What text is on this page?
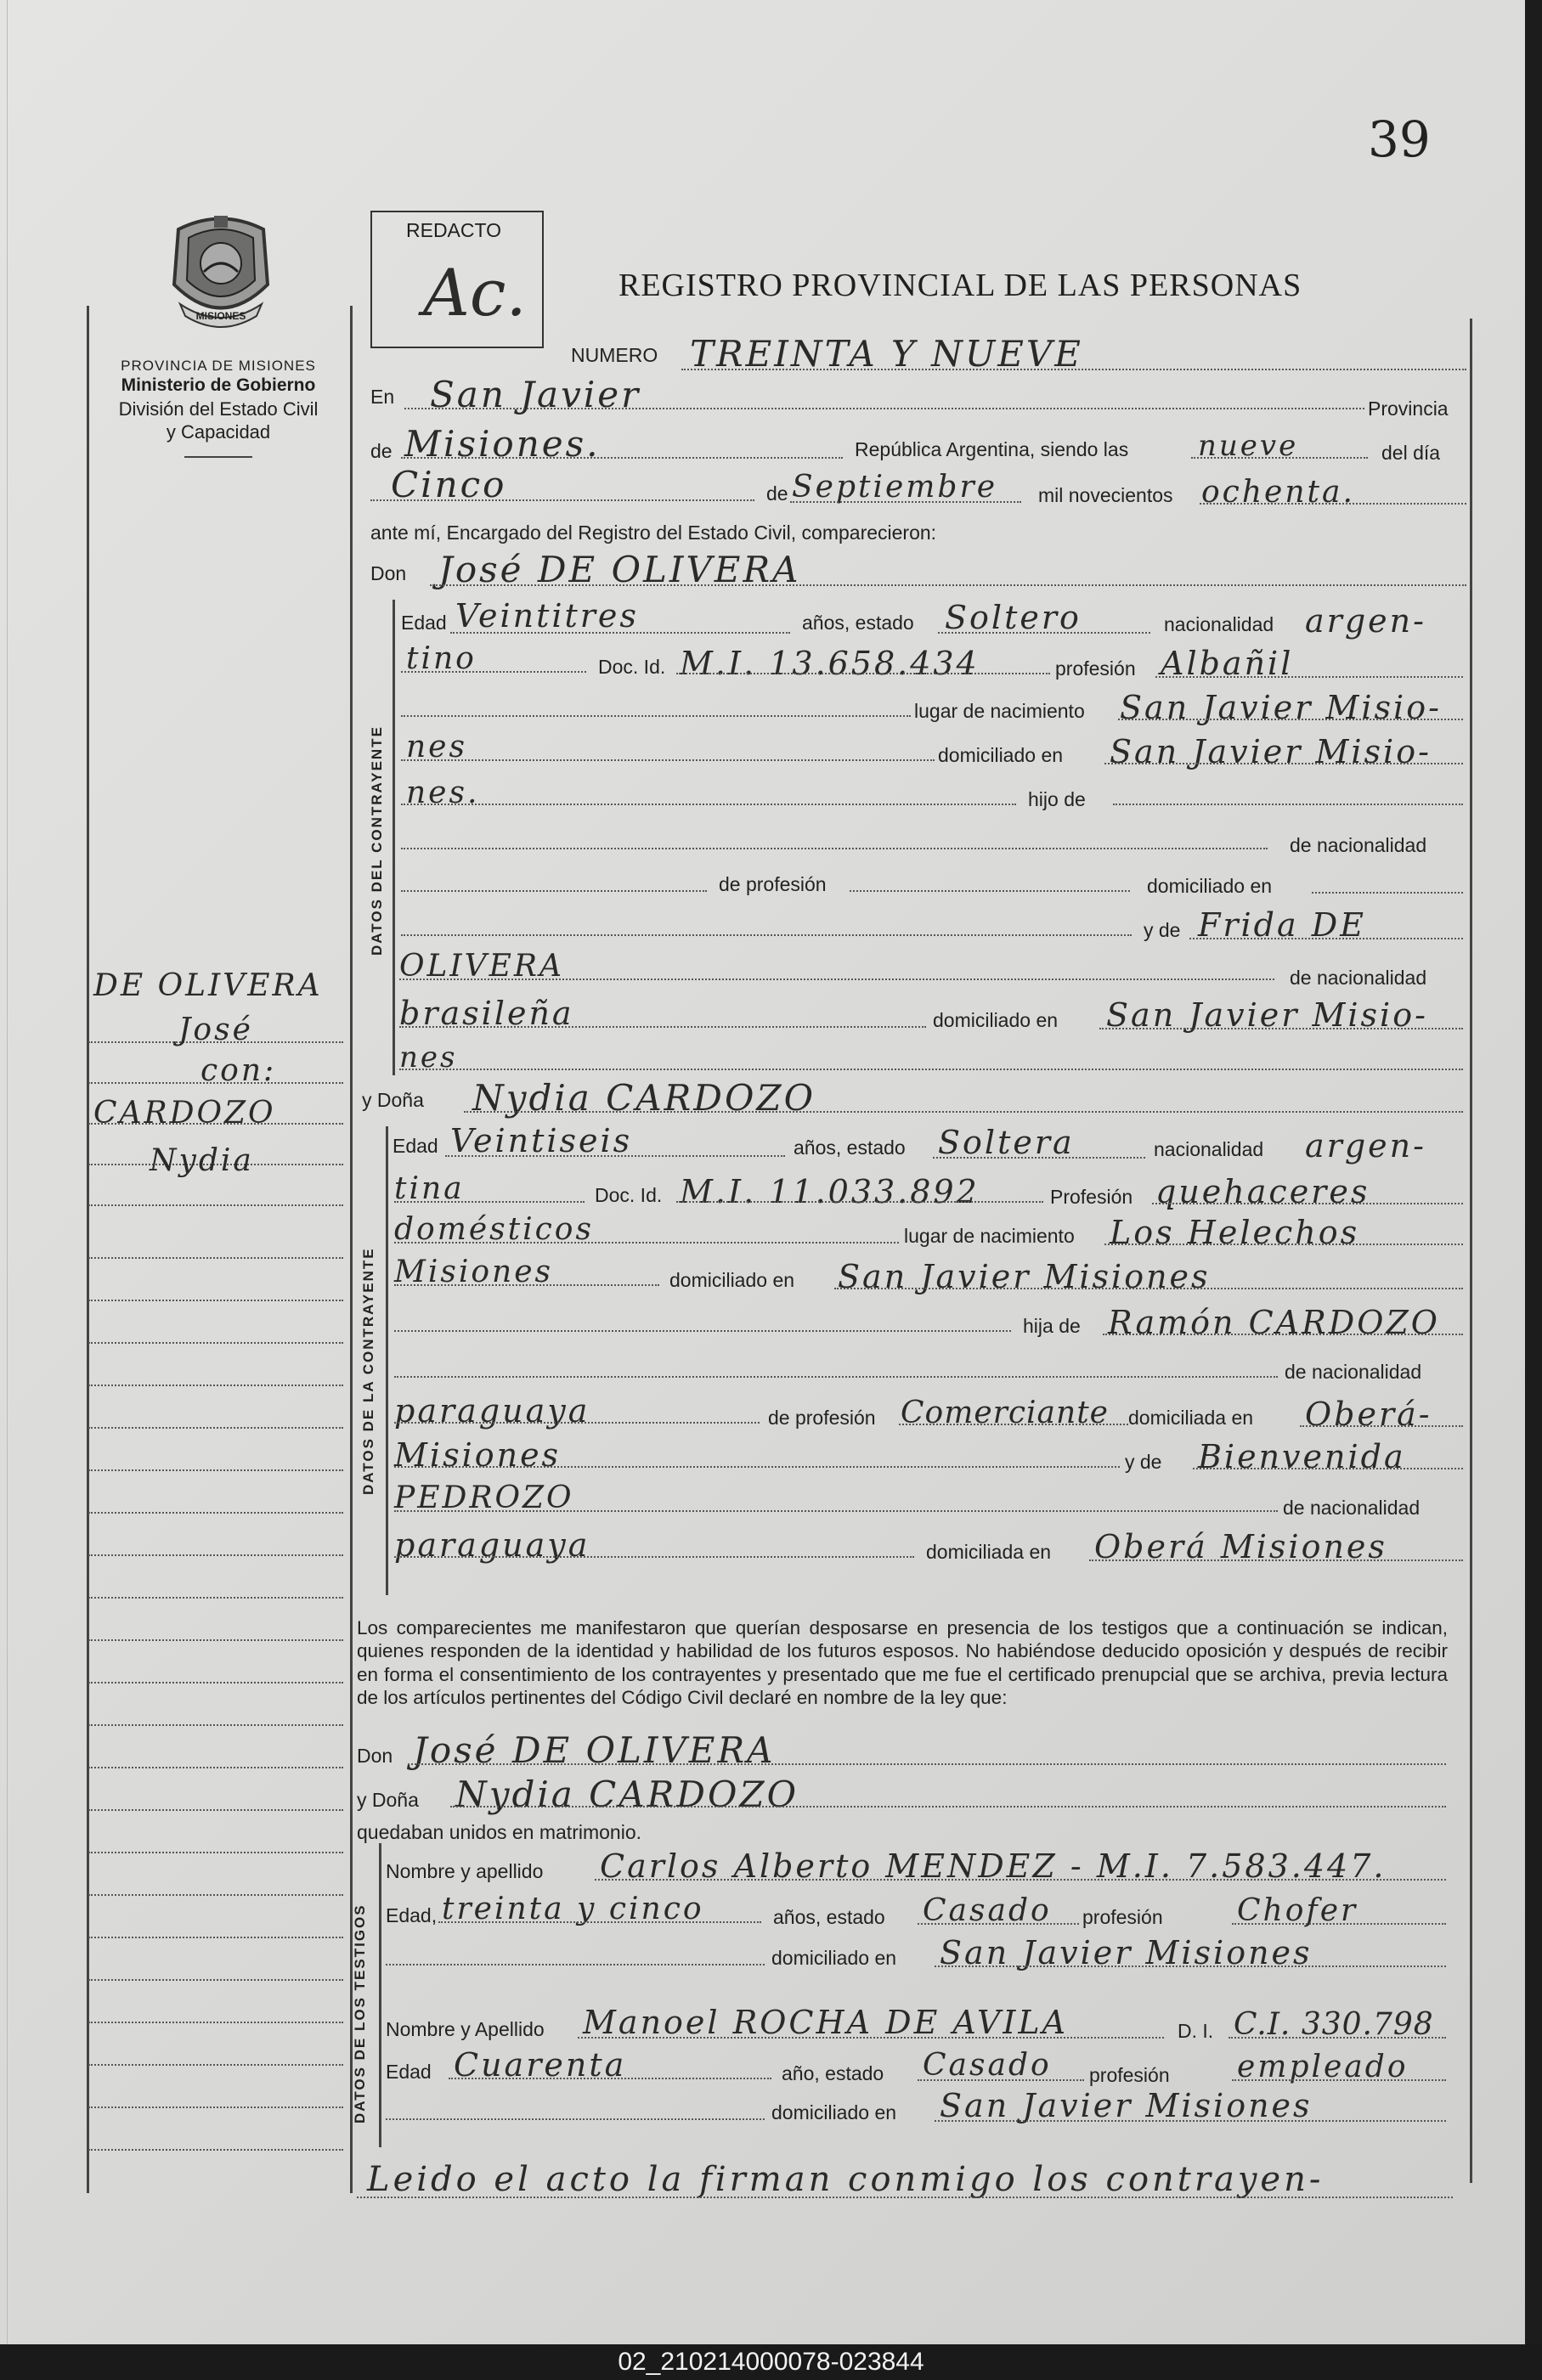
39
MISIONES
PROVINCIA DE MISIONES
Ministerio de Gobierno
División del Estado Civil
y Capacidad
REDACTO
Ac.	REGISTRO PROVINCIAL DE LAS PERSONAS
DE OLIVERA
José
con:
CARDOZO
Nydia
NUMERO TREINTA Y NUEVE
En San Javier	Provincia
de Misiones.	República Argentina, siendo las nueve	del día
Cinco	de Septiembre mil novecientos ochenta.
ante mí, Encargado del Registro del Estado Civil, comparecieron:
Don José DE OLIVERA
DATOS DEL CONTRAYENTE
Edad Veintitres	años, estado Soltero	nacionalidad argen-
tino	Doc. Id. M.I. 13.658.434	profesión Albañil
lugar de nacimiento San Javier Misio-
nes	domiciliado en San Javier Misio-
nes.	hijo de
de nacionalidad
de profesión	domiciliado en
y de Frida DE
OLIVERA	de nacionalidad
brasileña	domiciliado en San Javier Misio-
nes
y Doña Nydia CARDOZO
DATOS DE LA CONTRAYENTE
Edad Veintiseis	años, estado Soltera	nacionalidad argen-
tina	Doc. Id. M.I. 11.033.892	Profesión quehaceres
domésticos	lugar de nacimiento Los Helechos
Misiones	domiciliado en San Javier Misiones
hija de Ramón CARDOZO
de nacionalidad
paraguaya	de profesión Comerciante domiciliada en Oberá-
Misiones	y de Bienvenida
PEDROZO	de nacionalidad
paraguaya	domiciliada en Oberá Misiones
Los comparecientes me manifestaron que querían desposarse en presencia de los testigos que a continuación se indican, quienes responden de la identidad y habilidad de los futuros esposos. No habiéndose deducido oposición y después de recibir en forma el consentimiento de los contrayentes y presentado que me fue el certificado prenupcial que se archiva, previa lectura de los artículos pertinentes del Código Civil declaré en nombre de la ley que:
Don José DE OLIVERA
y Doña Nydia CARDOZO
quedaban unidos en matrimonio.
DATOS DE LOS TESTIGOS
Nombre y apellido Carlos Alberto MENDEZ - M.I. 7.583.447.
Edad, treinta y cinco	años, estado Casado profesión Chofer
domiciliado en San Javier Misiones
Nombre y Apellido Manoel ROCHA DE AVILA	D. I. C.I. 330.798
Edad Cuarenta	año, estado Casado profesión empleado
domiciliado en San Javier Misiones
Leido el acto la firman conmigo los contrayen-
02_210214000078-023844
